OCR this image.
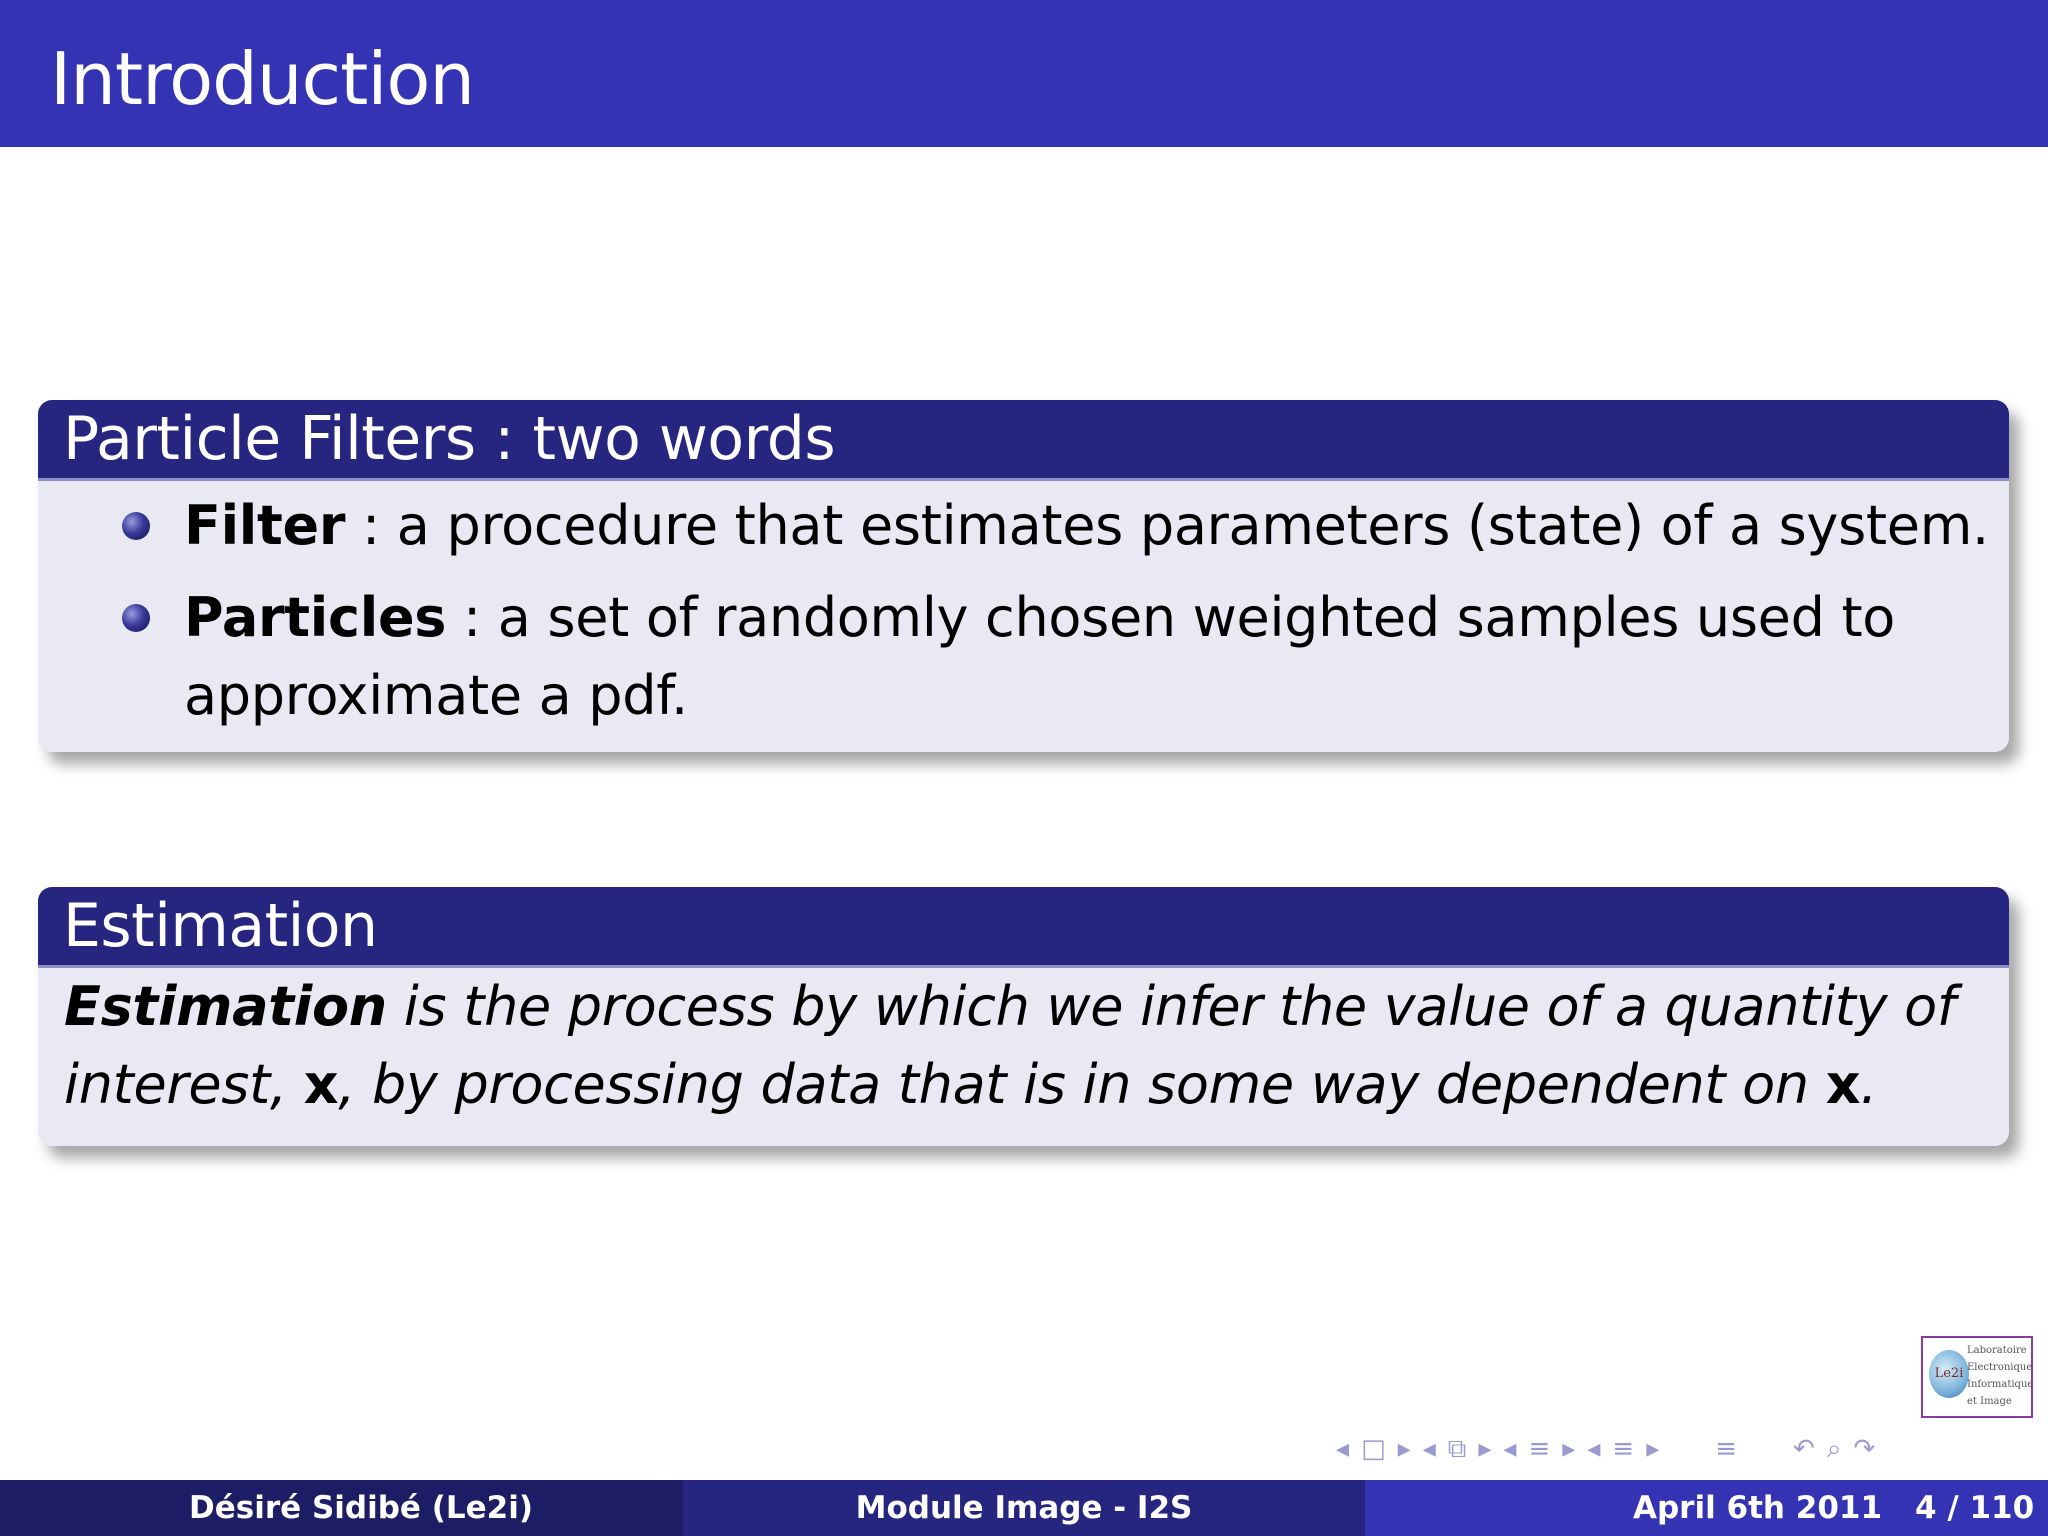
Introduction
Particle Filters : two words
Filter : a procedure that estimates parameters (state) of a system.
Particles : a set of randomly chosen weighted samples used to
approximate a pdf.
Estimation
Estimation is the process by which we infer the value of a quantity of
interest, x, by processing data that is in some way dependent on x.
Le2i
Laboratoire
Electronique
Informatique
et Image
◂ □ ▸ ◂ ⧉ ▸ ◂ ≡ ▸ ◂ ≡ ▸ ≡ ↶ ⌕ ↷
Désiré Sidibé (Le2i)	Module Image - I2S	April 6th 2011 4 / 110
